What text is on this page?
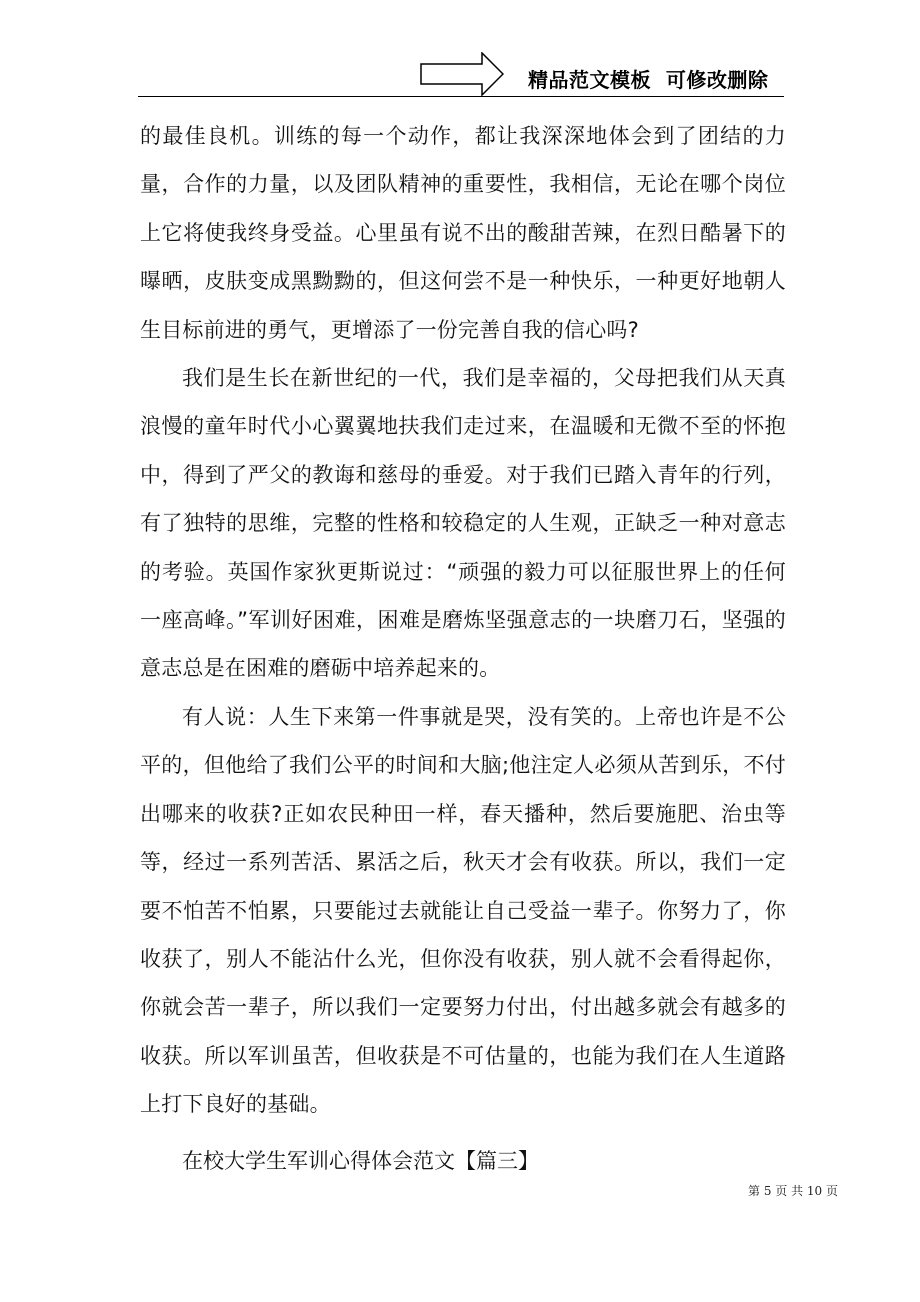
精品范文模板  可修改删除

的最佳良机。训练的每一个动作，都让我深深地体会到了团结的力量，合作的力量，以及团队精神的重要性，我相信，无论在哪个岗位上它将使我终身受益。心里虽有说不出的酸甜苦辣，在烈日酷暑下的曝晒，皮肤变成黑黝黝的，但这何尝不是一种快乐，一种更好地朝人生目标前进的勇气，更增添了一份完善自我的信心吗?

我们是生长在新世纪的一代，我们是幸福的，父母把我们从天真浪慢的童年时代小心翼翼地扶我们走过来，在温暖和无微不至的怀抱中，得到了严父的教诲和慈母的垂爱。对于我们已踏入青年的行列，有了独特的思维，完整的性格和较稳定的人生观，正缺乏一种对意志的考验。英国作家狄更斯说过：“顽强的毅力可以征服世界上的任何一座高峰。”军训好困难，困难是磨炼坚强意志的一块磨刀石，坚强的意志总是在困难的磨砺中培养起来的。

有人说：人生下来第一件事就是哭，没有笑的。上帝也许是不公平的，但他给了我们公平的时间和大脑;他注定人必须从苦到乐，不付出哪来的收获?正如农民种田一样，春天播种，然后要施肥、治虫等等，经过一系列苦活、累活之后，秋天才会有收获。所以，我们一定要不怕苦不怕累，只要能过去就能让自己受益一辈子。你努力了，你收获了，别人不能沾什么光，但你没有收获，别人就不会看得起你，你就会苦一辈子，所以我们一定要努力付出，付出越多就会有越多的收获。所以军训虽苦，但收获是不可估量的，也能为我们在人生道路上打下良好的基础。

在校大学生军训心得体会范文【篇三】

第 5 页 共 10 页
